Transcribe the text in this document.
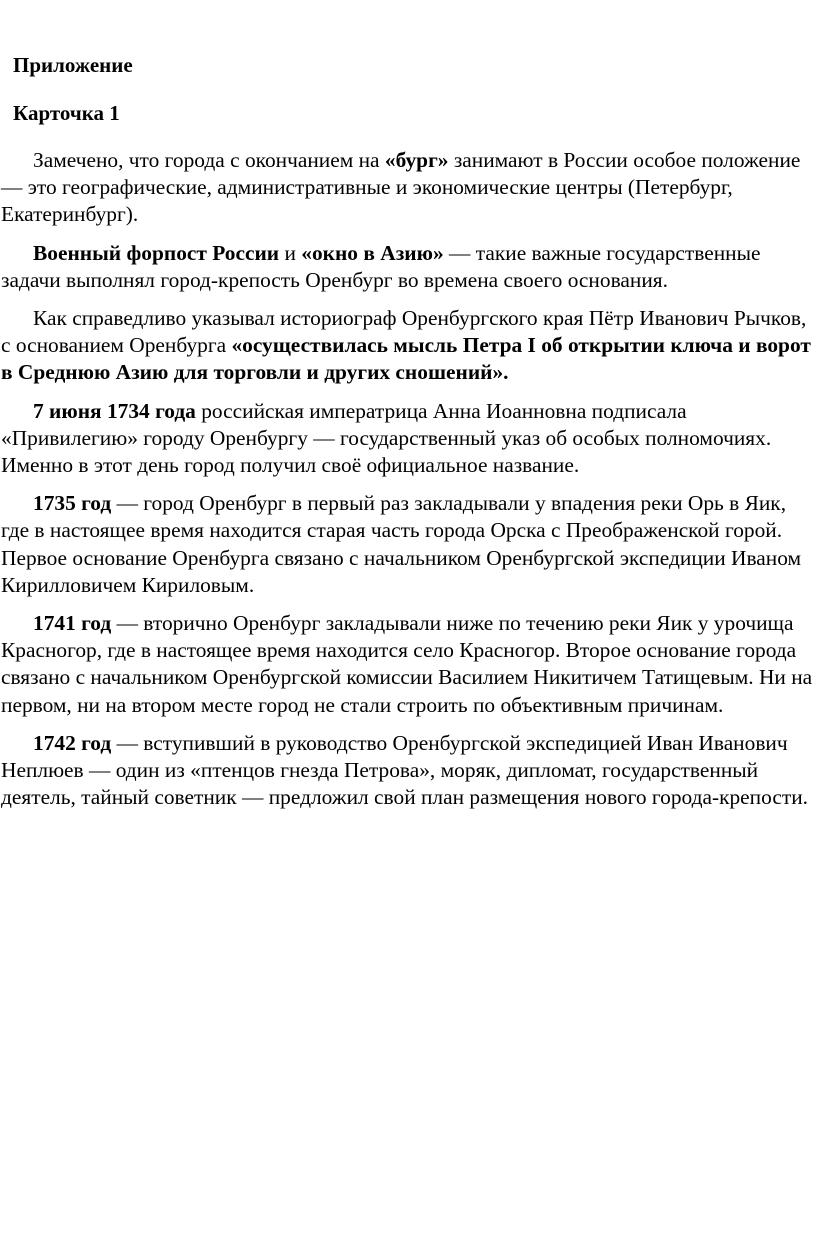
Приложение
Карточка 1

Замечено, что города с окончанием на «бург» занимают в России особое положение — это географические, административные и экономические центры (Петербург, Екатеринбург).

Военный форпост России и «окно в Азию» — такие важные государственные задачи выполнял город-крепость Оренбург во времена своего основания.

Как справедливо указывал историограф Оренбургского края Пётр Иванович Рычков, с основанием Оренбурга «осуществилась мысль Петра I об открытии ключа и ворот в Среднюю Азию для торговли и других сношений».

7 июня 1734 года российская императрица Анна Иоанновна подписала «Привилегию» городу Оренбургу — государственный указ об особых полномочиях. Именно в этот день город получил своё официальное название.

1735 год — город Оренбург в первый раз закладывали у впадения реки Орь в Яик, где в настоящее время находится старая часть города Орска с Преображенской горой. Первое основание Оренбурга связано с начальником Оренбургской экспедиции Иваном Кирилловичем Кириловым.

1741 год — вторично Оренбург закладывали ниже по течению реки Яик у урочища Красногор, где в настоящее время находится село Красногор. Второе основание города связано с начальником Оренбургской комиссии Василием Никитичем Татищевым. Ни на первом, ни на втором месте город не стали строить по объективным причинам.

1742 год — вступивший в руководство Оренбургской экспедицией Иван Иванович Неплюев — один из «птенцов гнезда Петрова», моряк, дипломат, государственный деятель, тайный советник — предложил свой план размещения нового города-крепости.
